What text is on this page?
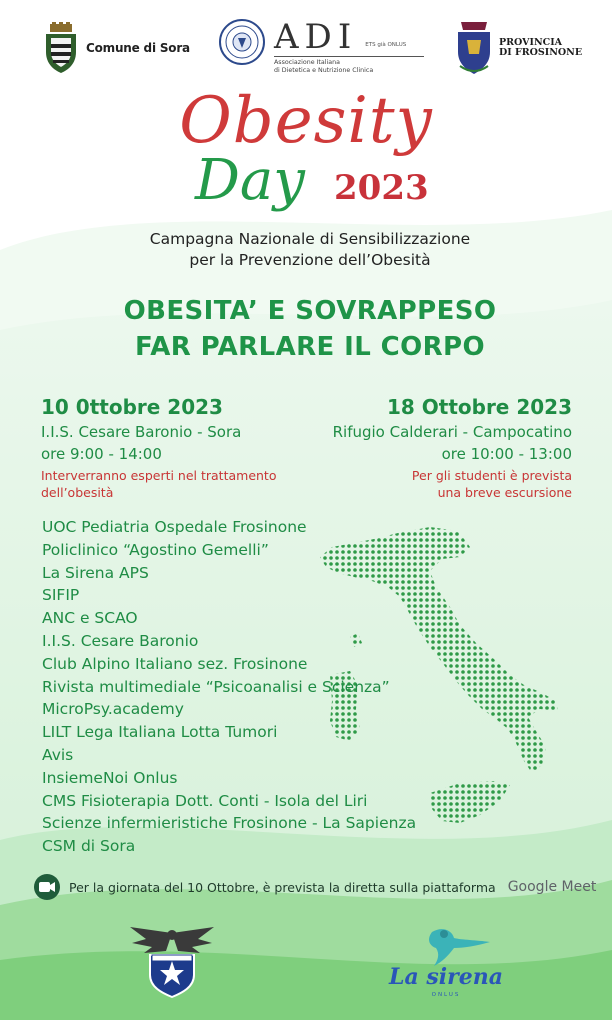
Comune di Sora ADI ETS già ONLUS
Associazione Italiana
di Dietetica e Nutrizione Clinica
PROVINCIA
DI FROSINONE
Obesity
Day 2023
Campagna Nazionale di Sensibilizzazione
per la Prevenzione dell’Obesità
OBESITA’ E SOVRAPPESO
FAR PARLARE IL CORPO
10 0ttobre 2023
I.I.S. Cesare Baronio - Sora
ore 9:00 - 14:00
Interverranno esperti nel trattamento
dell’obesità
18 Ottobre 2023
Rifugio Calderari - Campocatino
ore 10:00 - 13:00
Per gli studenti è prevista
una breve escursione
UOC Pediatria Ospedale Frosinone
Policlinico “Agostino Gemelli”
La Sirena APS
SIFIP
ANC e SCAO
I.I.S. Cesare Baronio
Club Alpino Italiano sez. Frosinone
Rivista multimediale “Psicoanalisi e Scienza”
MicroPsy.academy
LILT Lega Italiana Lotta Tumori
Avis
InsiemeNoi Onlus
CMS Fisioterapia Dott. Conti - Isola del Liri
Scienze infermieristiche Frosinone - La Sapienza
CSM di Sora
Per la giornata del 10 Ottobre, è prevista la diretta sulla piattaforma Google Meet
La sirena
ONLUS
